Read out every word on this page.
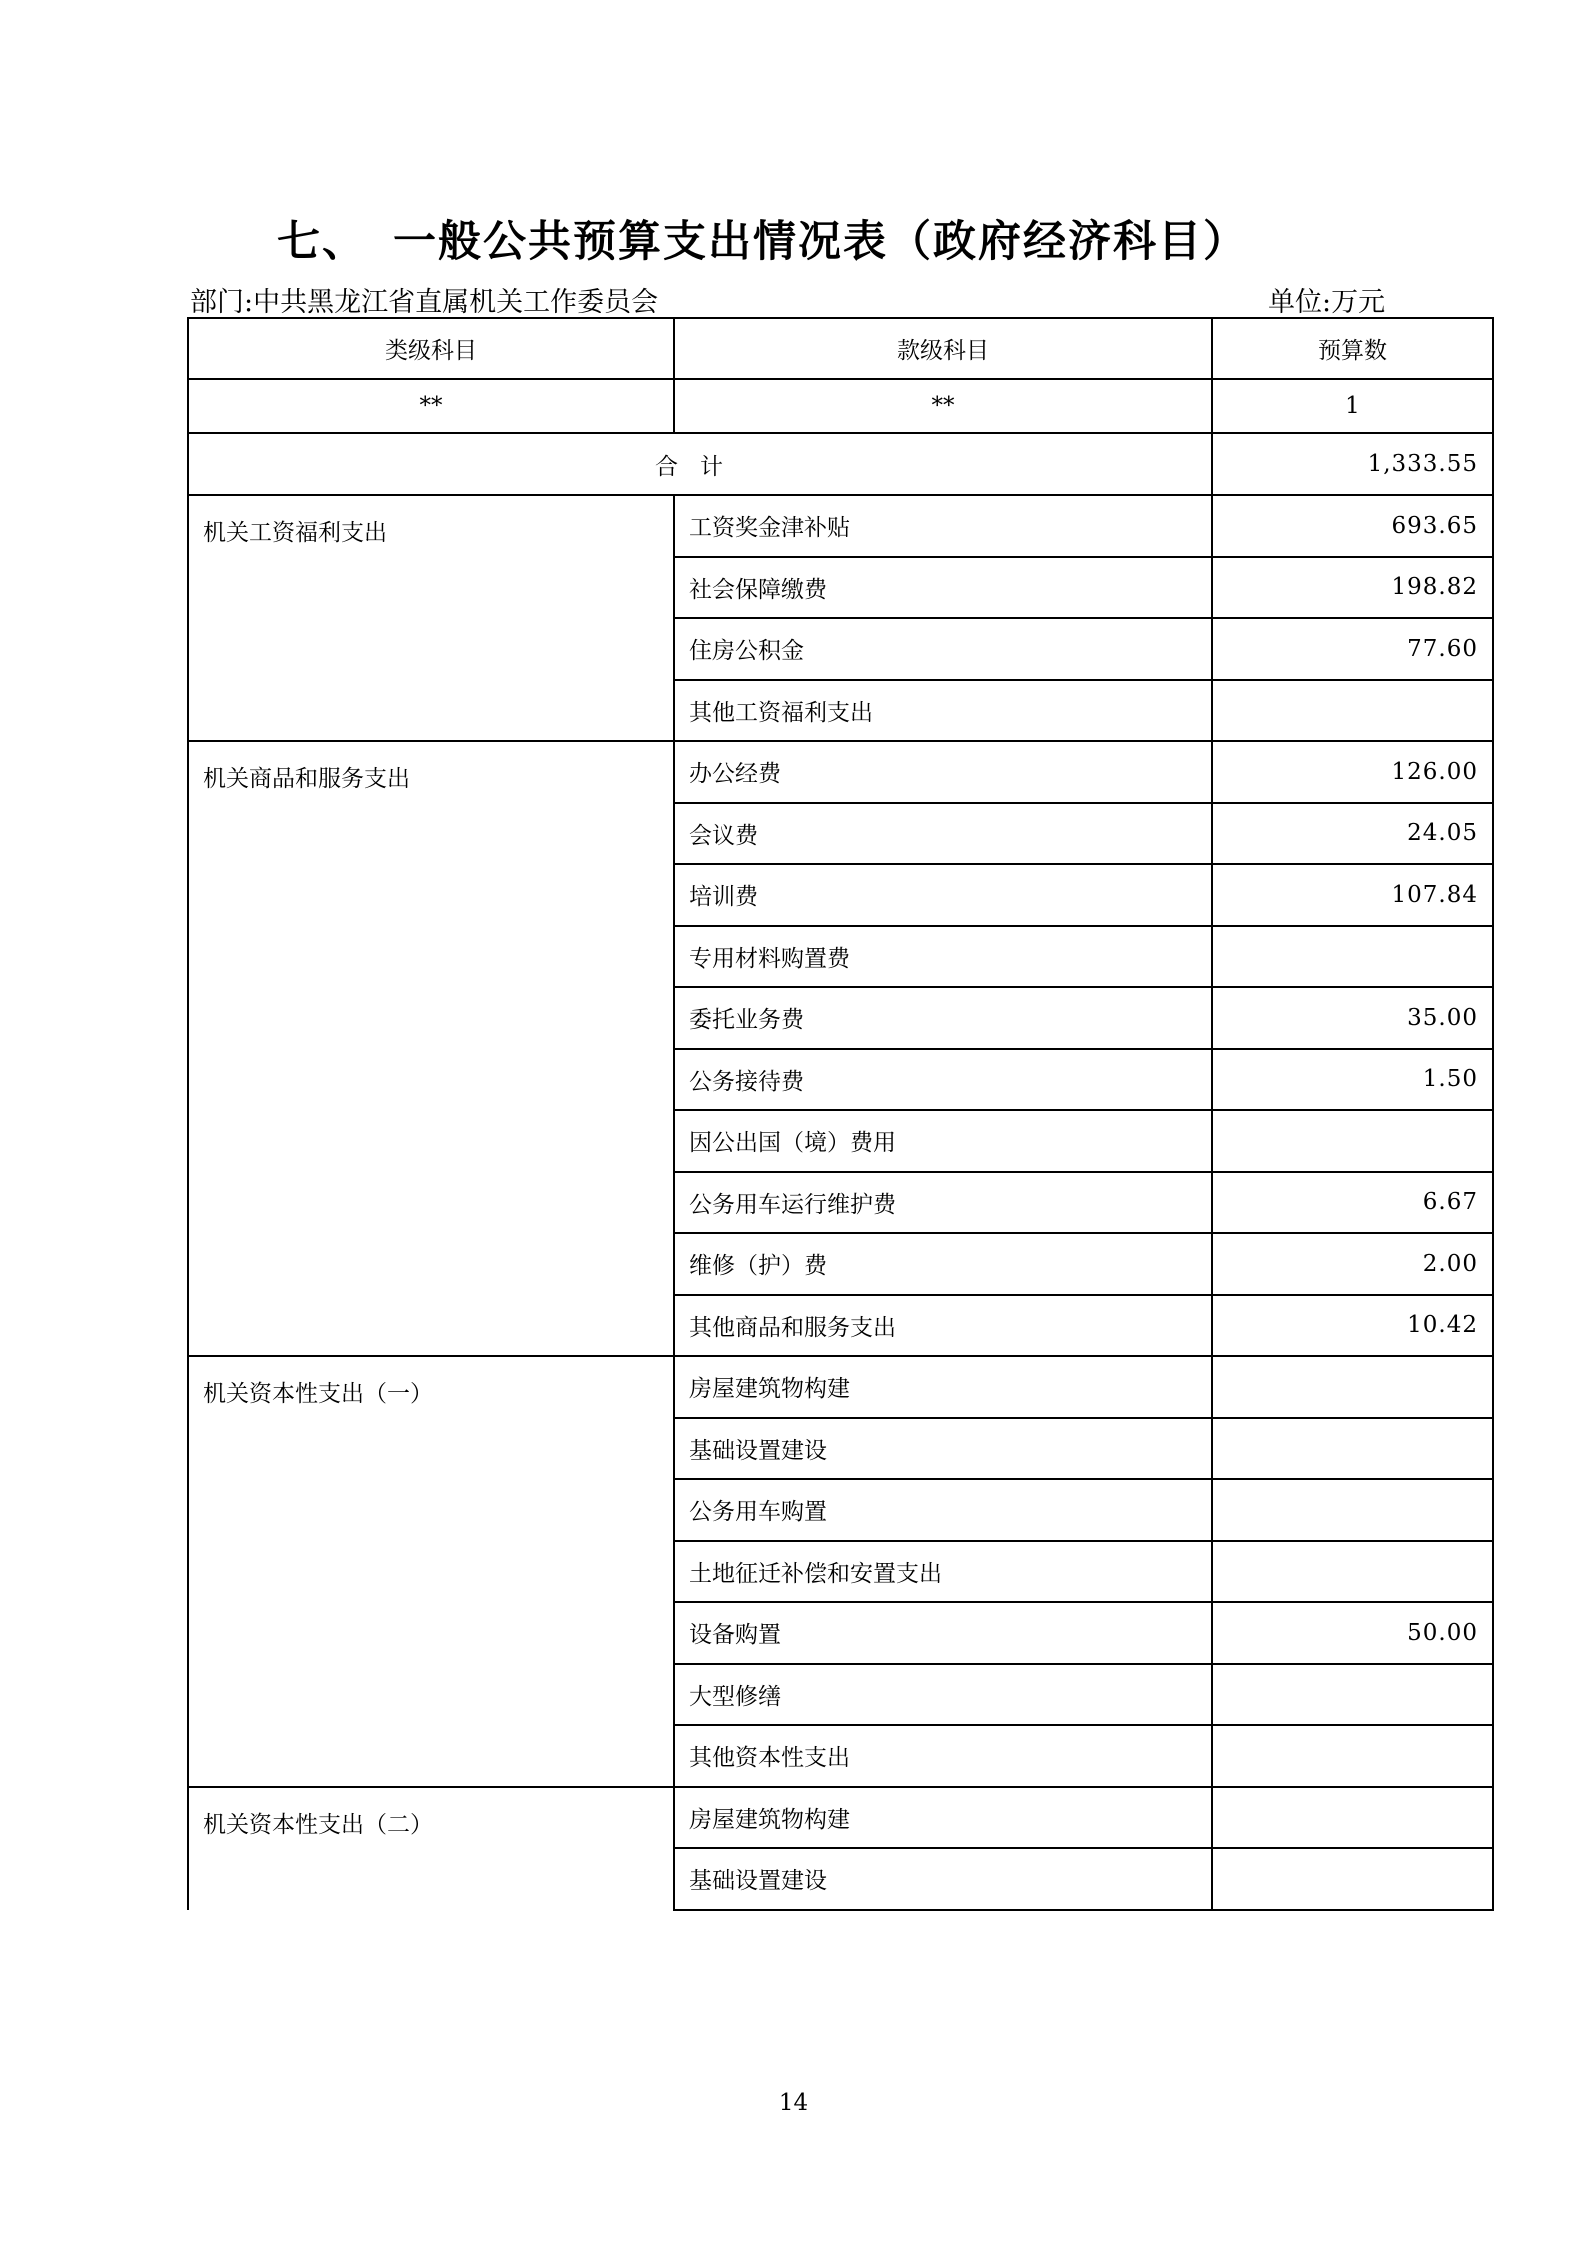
七、 一般公共预算支出情况表（政府经济科目）
部门:中共黑龙江省直属机关工作委员会	单位:万元
类级科目	款级科目	预算数
**	**	1
合计		1,333.55
机关工资福利支出	工资奖金津补贴	693.65
	社会保障缴费	198.82
	住房公积金	77.60
	其他工资福利支出	
机关商品和服务支出	办公经费	126.00
	会议费	24.05
	培训费	107.84
	专用材料购置费	
	委托业务费	35.00
	公务接待费	1.50
	因公出国（境）费用	
	公务用车运行维护费	6.67
	维修（护）费	2.00
	其他商品和服务支出	10.42
机关资本性支出（一）	房屋建筑物构建	
	基础设置建设	
	公务用车购置	
	土地征迁补偿和安置支出	
	设备购置	50.00
	大型修缮	
	其他资本性支出	
机关资本性支出（二）	房屋建筑物构建	
	基础设置建设	
14
